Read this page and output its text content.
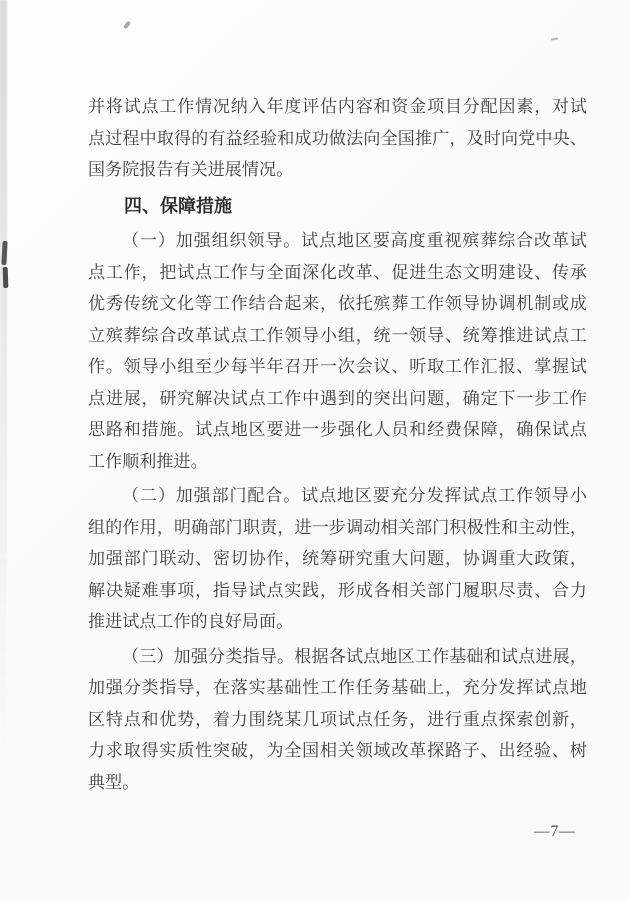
并将试点工作情况纳入年度评估内容和资金项目分配因素，对试
点过程中取得的有益经验和成功做法向全国推广，及时向党中央、
国务院报告有关进展情况。
四、保障措施
（一）加强组织领导。试点地区要高度重视殡葬综合改革试
点工作，把试点工作与全面深化改革、促进生态文明建设、传承
优秀传统文化等工作结合起来，依托殡葬工作领导协调机制或成
立殡葬综合改革试点工作领导小组，统一领导、统筹推进试点工
作。领导小组至少每半年召开一次会议、听取工作汇报、掌握试
点进展，研究解决试点工作中遇到的突出问题，确定下一步工作
思路和措施。试点地区要进一步强化人员和经费保障，确保试点
工作顺利推进。
（二）加强部门配合。试点地区要充分发挥试点工作领导小
组的作用，明确部门职责，进一步调动相关部门积极性和主动性，
加强部门联动、密切协作，统筹研究重大问题，协调重大政策，
解决疑难事项，指导试点实践，形成各相关部门履职尽责、合力
推进试点工作的良好局面。
（三）加强分类指导。根据各试点地区工作基础和试点进展，
加强分类指导，在落实基础性工作任务基础上，充分发挥试点地
区特点和优势，着力围绕某几项试点任务，进行重点探索创新，
力求取得实质性突破，为全国相关领域改革探路子、出经验、树
典型。
—7—
